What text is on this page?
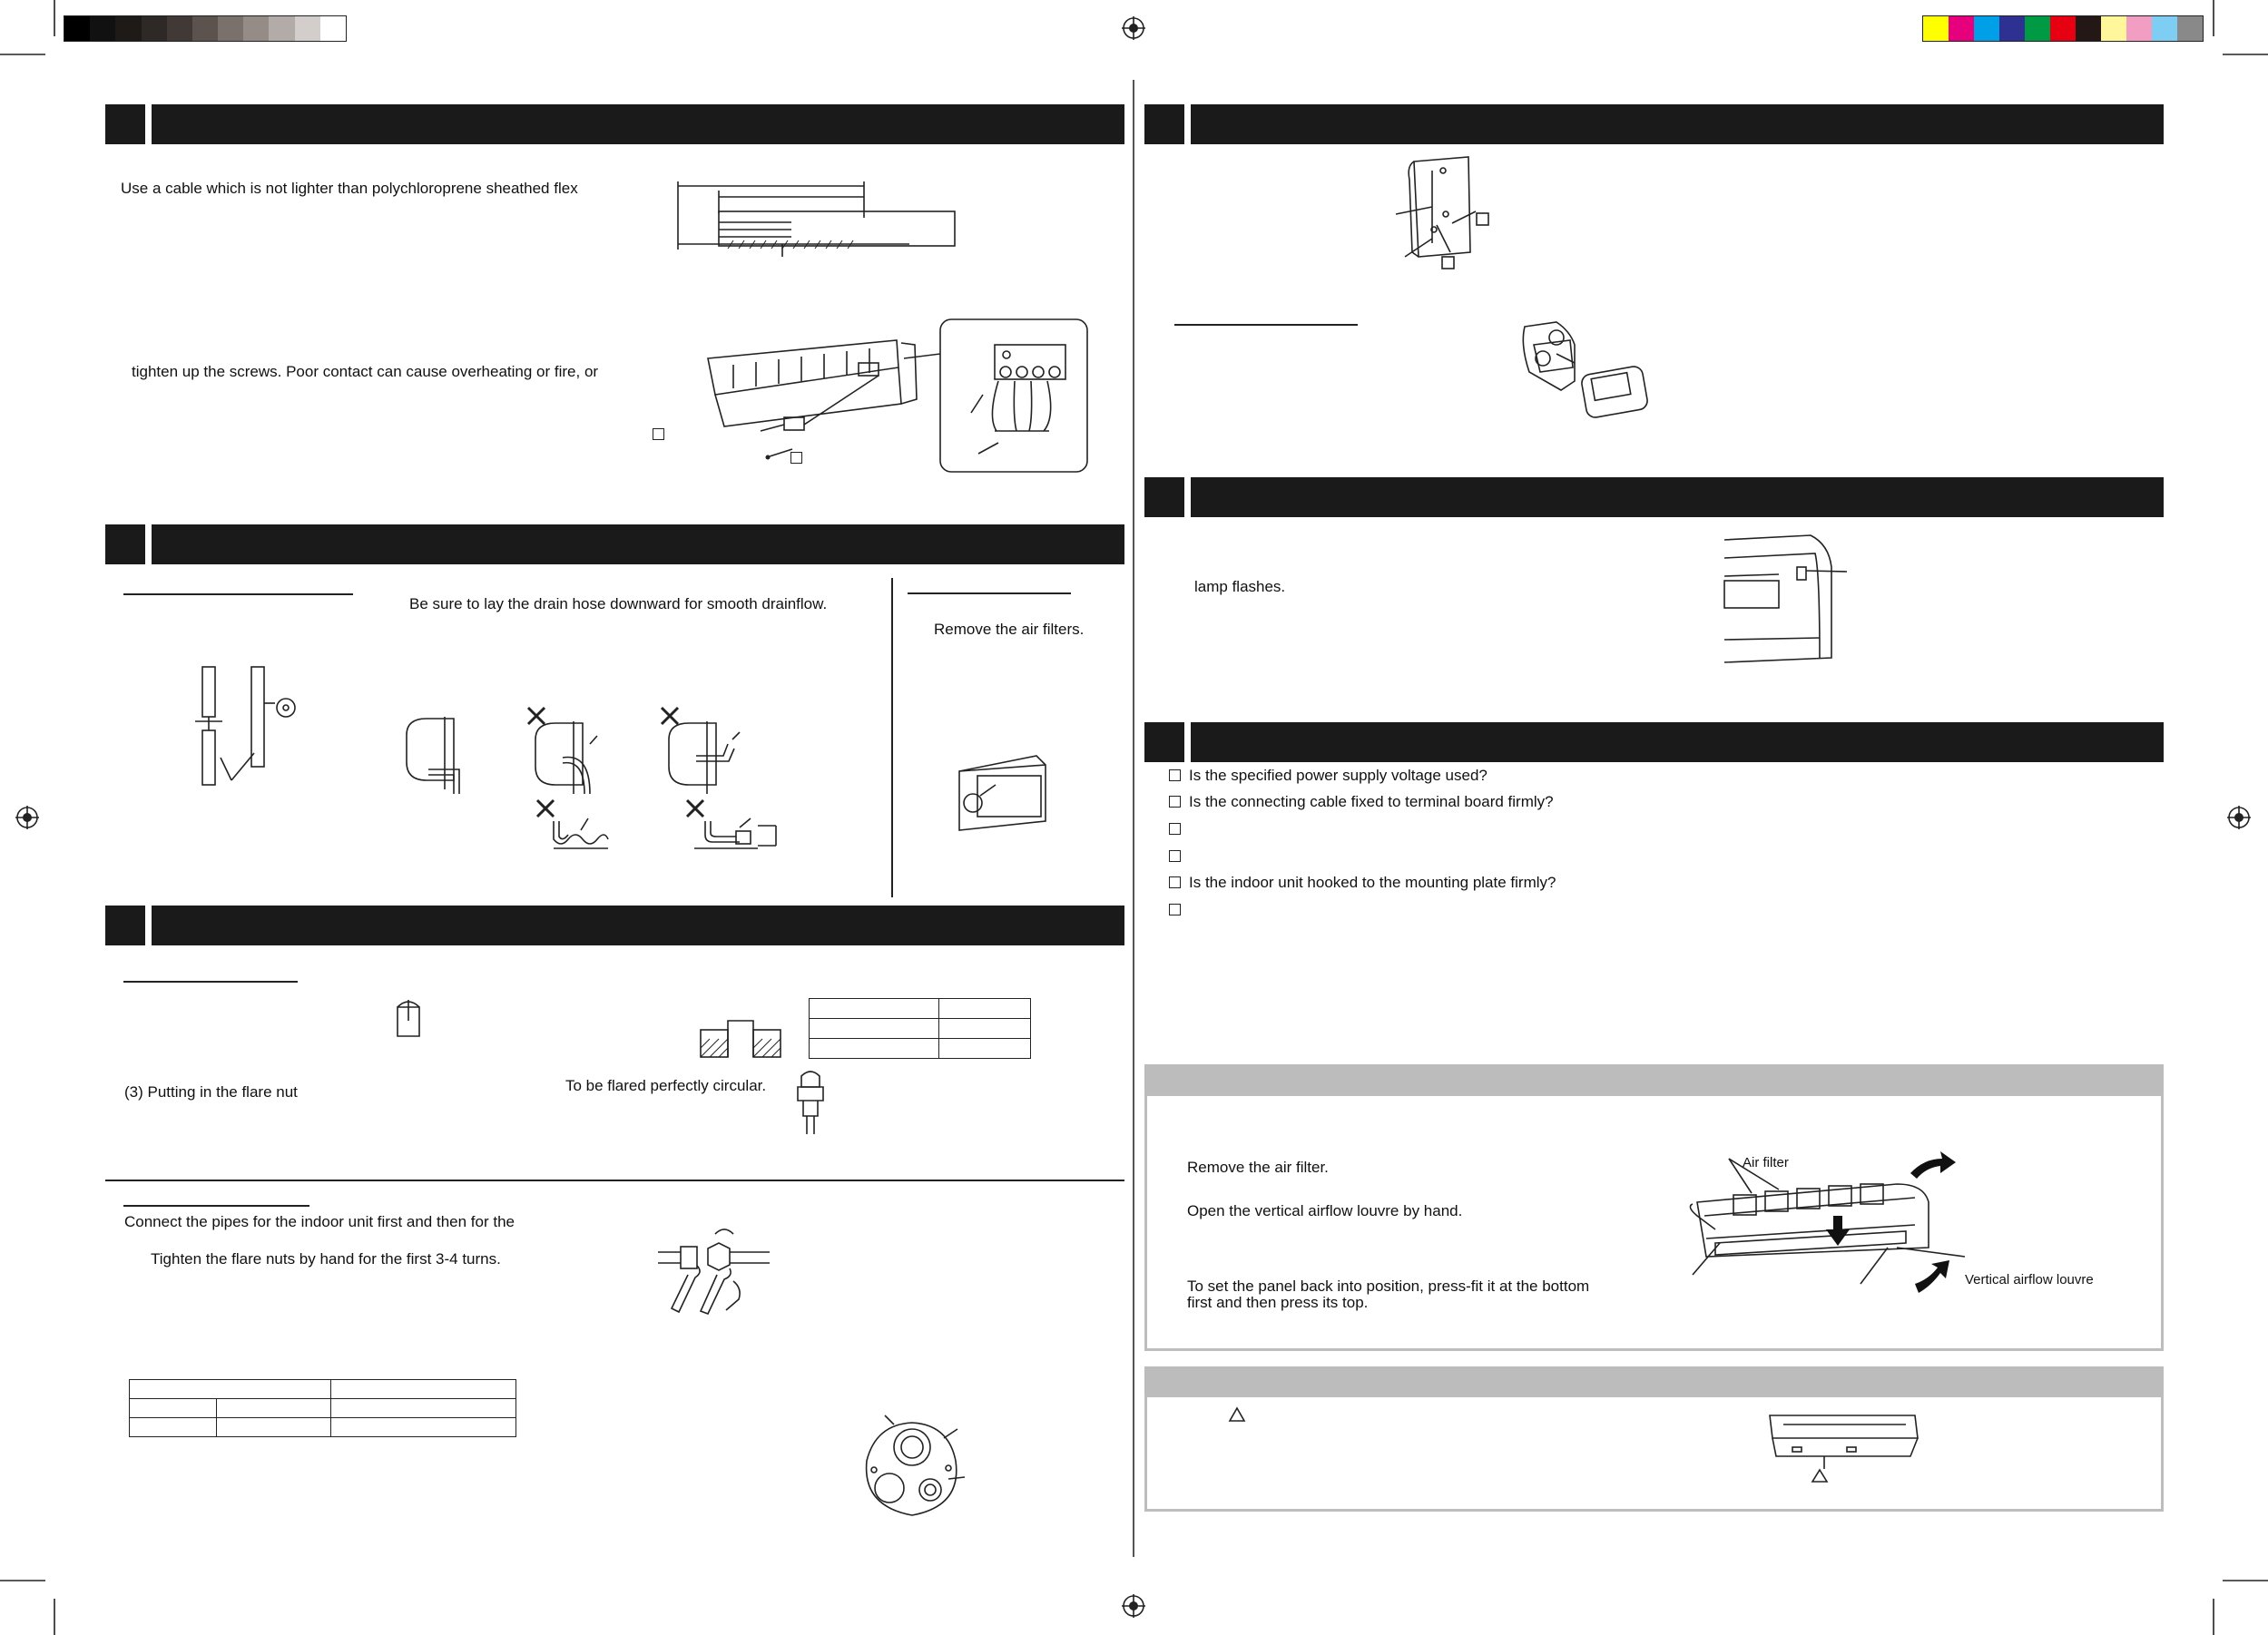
Use a cable which is not lighter than polychloroprene sheathed flex
tighten up the screws. Poor contact can cause overheating or fire, or
Be sure to lay the drain hose downward for smooth drainflow.
Remove the air filters.

(3) Putting in the flare nut	To be flared perfectly circular.
Connect the pipes for the indoor unit first and then for the
Tighten the flare nuts by hand for the first 3-4 turns.

lamp flashes.
Is the specified power supply voltage used?
Is the connecting cable fixed to terminal board firmly?
Is the indoor unit hooked to the mounting plate firmly?
Remove the air filter.
Open the vertical airflow louvre by hand.
To set the panel back into position, press-fit it at the bottom
first and then press its top.
Air filter
Vertical airflow louvre
